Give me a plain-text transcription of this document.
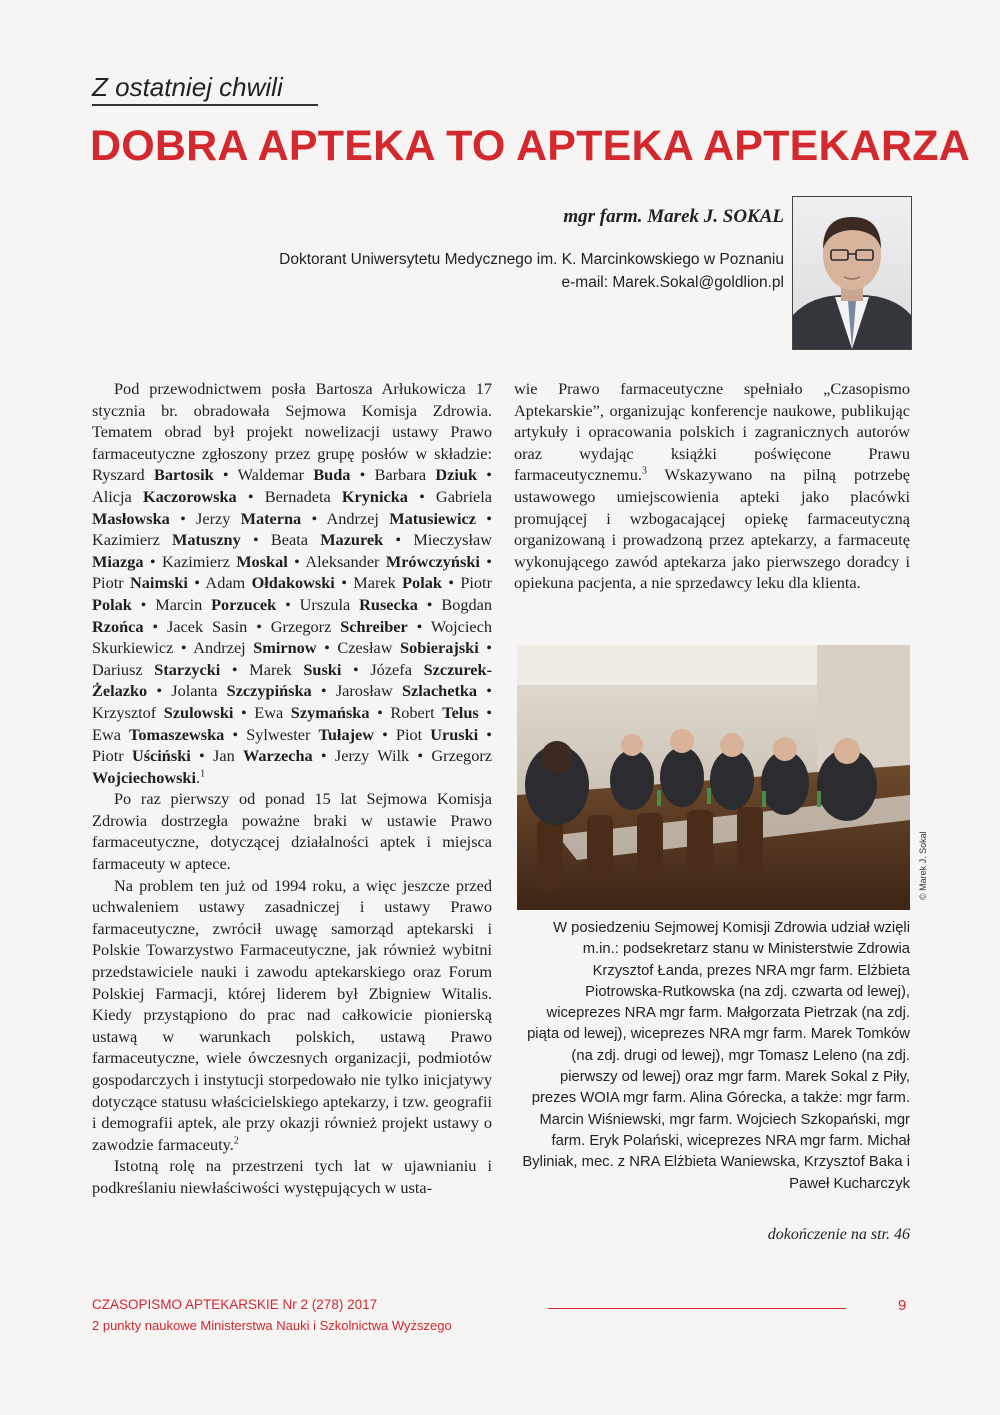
Z ostatniej chwili
DOBRA APTEKA TO APTEKA APTEKARZA
mgr farm. Marek J. SOKAL
Doktorant Uniwersytetu Medycznego im. K. Marcinkowskiego w Poznaniu
e-mail: Marek.Sokal@goldlion.pl

Pod przewodnictwem posła Bartosza Arłukowicza 17 stycznia br. obradowała Sejmowa Komisja Zdrowia. Tematem obrad był projekt nowelizacji ustawy Prawo farmaceutyczne zgłoszony przez grupę posłów w składzie: Ryszard Bartosik • Waldemar Buda • Barbara Dziuk • Alicja Kaczorowska • Bernadeta Krynicka • Gabriela Masłowska • Jerzy Materna • Andrzej Matusiewicz • Kazimierz Matuszny • Beata Mazurek • Mieczysław Miazga • Kazimierz Moskal • Aleksander Mrówczyński • Piotr Naimski • Adam Ołdakowski • Marek Polak • Piotr Polak • Marcin Porzucek • Urszula Rusecka • Bogdan Rzońca • Jacek Sasin • Grzegorz Schreiber • Wojciech Skurkiewicz • Andrzej Smirnow • Czesław Sobierajski • Dariusz Starzycki • Marek Suski • Józefa Szczurek-Żelazko • Jolanta Szczypińska • Jarosław Szlachetka • Krzysztof Szulowski • Ewa Szymańska • Robert Telus • Ewa Tomaszewska • Sylwester Tułajew • Piot Uruski • Piotr Uściński • Jan Warzecha • Jerzy Wilk • Grzegorz Wojciechowski.$^1$

Po raz pierwszy od ponad 15 lat Sejmowa Komisja Zdrowia dostrzegła poważne braki w ustawie Prawo farmaceutyczne, dotyczącej działalności aptek i miejsca farmaceuty w aptece.

Na problem ten już od 1994 roku, a więc jeszcze przed uchwaleniem ustawy zasadniczej i ustawy Prawo farmaceutyczne, zwrócił uwagę samorząd aptekarski i Polskie Towarzystwo Farmaceutyczne, jak również wybitni przedstawiciele nauki i zawodu aptekarskiego oraz Forum Polskiej Farmacji, której liderem był Zbigniew Witalis. Kiedy przystąpiono do prac nad całkowicie pionierską ustawą w warunkach polskich, ustawą Prawo farmaceutyczne, wiele ówczesnych organizacji, podmiotów gospodarczych i instytucji storpedowało nie tylko inicjatywy dotyczące statusu właścicielskiego aptekarzy, i tzw. geografii i demografii aptek, ale przy okazji również projekt ustawy o zawodzie farmaceuty.$^2$

Istotną rolę na przestrzeni tych lat w ujawnianiu i podkreślaniu niewłaściwości występujących w usta-

wie Prawo farmaceutyczne spełniało „Czasopismo Aptekarskie”, organizując konferencje naukowe, publikując artykuły i opracowania polskich i zagranicznych autorów oraz wydając książki poświęcone Prawu farmaceutycznemu.$^3$ Wskazywano na pilną potrzebę ustawowego umiejscowienia apteki jako placówki promującej i wzbogacającej opiekę farmaceutyczną organizowaną i prowadzoną przez aptekarzy, a farmaceutę wykonującego zawód aptekarza jako pierwszego doradcy i opiekuna pacjenta, a nie sprzedawcy leku dla klienta.

© Marek J. Sokal
W posiedzeniu Sejmowej Komisji Zdrowia udział wzięli m.in.: podsekretarz stanu w Ministerstwie Zdrowia Krzysztof Łanda, prezes NRA mgr farm. Elżbieta Piotrowska-Rutkowska (na zdj. czwarta od lewej), wiceprezes NRA mgr farm. Małgorzata Pietrzak (na zdj. piąta od lewej), wiceprezes NRA mgr farm. Marek Tomków (na zdj. drugi od lewej), mgr Tomasz Leleno (na zdj. pierwszy od lewej) oraz mgr farm. Marek Sokal z Piły, prezes WOIA mgr farm. Alina Górecka, a także: mgr farm. Marcin Wiśniewski, mgr farm. Wojciech Szkopański, mgr farm. Eryk Polański, wiceprezes NRA mgr farm. Michał Byliniak, mec. z NRA Elżbieta Waniewska, Krzysztof Baka i Paweł Kucharczyk
dokończenie na str. 46
CZASOPISMO APTEKARSKIE Nr 2 (278) 2017
2 punkty naukowe Ministerstwa Nauki i Szkolnictwa Wyższego
9
